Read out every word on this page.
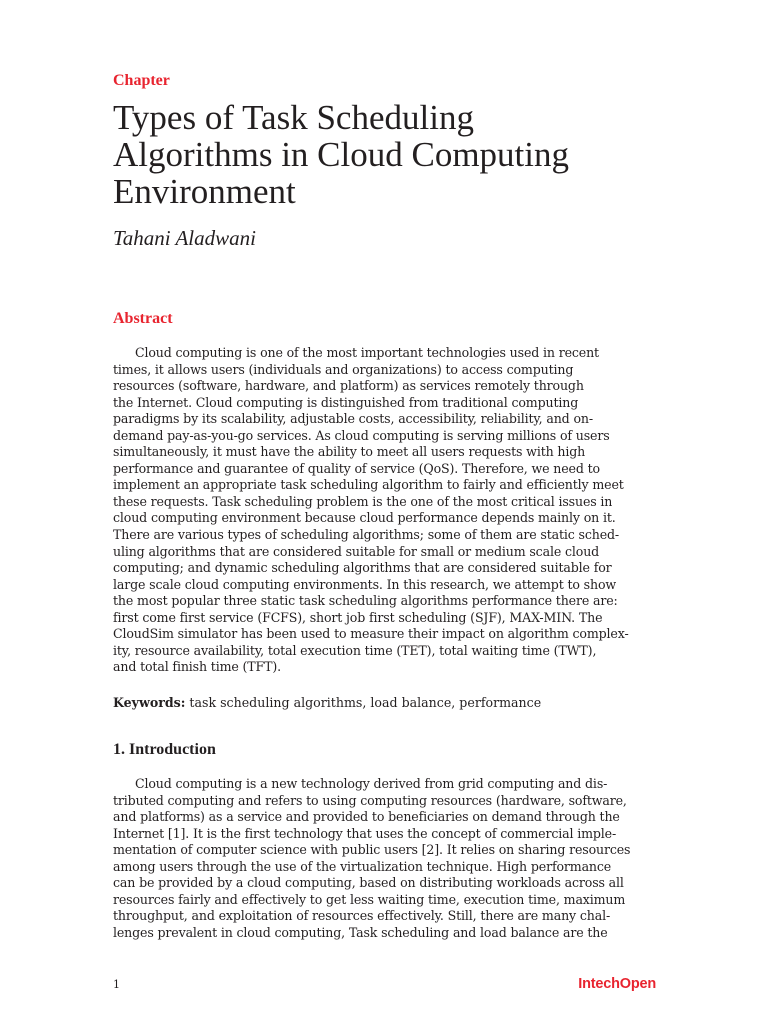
Chapter
Types of Task Scheduling
Algorithms in Cloud Computing
Environment
Tahani Aladwani
Abstract
Cloud computing is one of the most important technologies used in recent
times, it allows users (individuals and organizations) to access computing
resources (software, hardware, and platform) as services remotely through
the Internet. Cloud computing is distinguished from traditional computing
paradigms by its scalability, adjustable costs, accessibility, reliability, and on-
demand pay-as-you-go services. As cloud computing is serving millions of users
simultaneously, it must have the ability to meet all users requests with high
performance and guarantee of quality of service (QoS). Therefore, we need to
implement an appropriate task scheduling algorithm to fairly and efficiently meet
these requests. Task scheduling problem is the one of the most critical issues in
cloud computing environment because cloud performance depends mainly on it.
There are various types of scheduling algorithms; some of them are static sched-
uling algorithms that are considered suitable for small or medium scale cloud
computing; and dynamic scheduling algorithms that are considered suitable for
large scale cloud computing environments. In this research, we attempt to show
the most popular three static task scheduling algorithms performance there are:
first come first service (FCFS), short job first scheduling (SJF), MAX-MIN. The
CloudSim simulator has been used to measure their impact on algorithm complex-
ity, resource availability, total execution time (TET), total waiting time (TWT),
and total finish time (TFT).
Keywords: task scheduling algorithms, load balance, performance
1. Introduction
Cloud computing is a new technology derived from grid computing and dis-
tributed computing and refers to using computing resources (hardware, software,
and platforms) as a service and provided to beneficiaries on demand through the
Internet [1]. It is the first technology that uses the concept of commercial imple-
mentation of computer science with public users [2]. It relies on sharing resources
among users through the use of the virtualization technique. High performance
can be provided by a cloud computing, based on distributing workloads across all
resources fairly and effectively to get less waiting time, execution time, maximum
throughput, and exploitation of resources effectively. Still, there are many chal-
lenges prevalent in cloud computing, Task scheduling and load balance are the
1	IntechOpen
